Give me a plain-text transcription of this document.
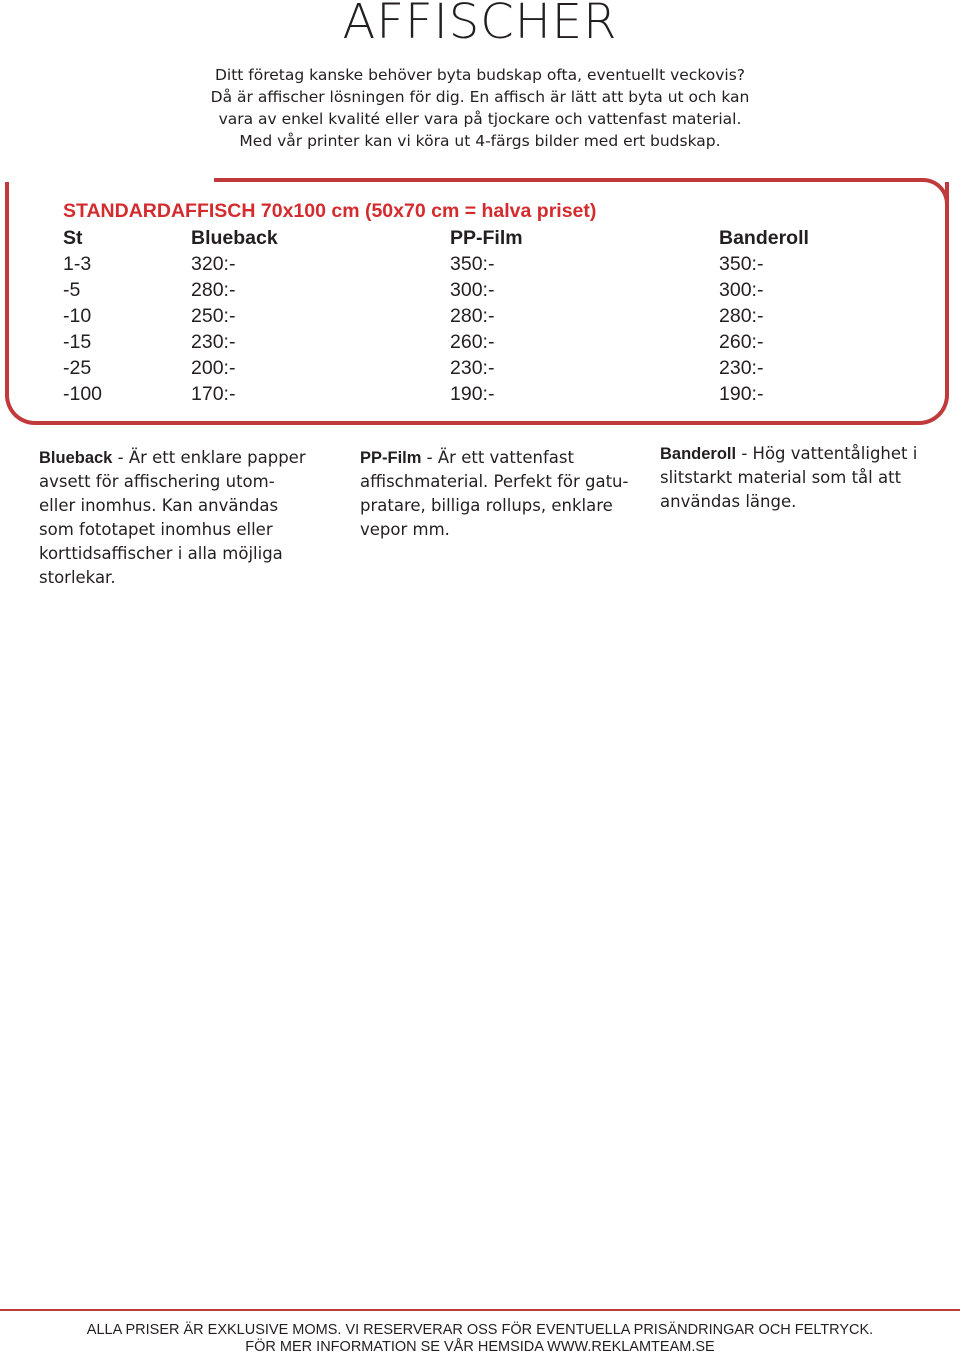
AFFISCHER
Ditt företag kanske behöver byta budskap ofta, eventuellt veckovis?
Då är affischer lösningen för dig. En affisch är lätt att byta ut och kan
vara av enkel kvalité eller vara på tjockare och vattenfast material.
Med vår printer kan vi köra ut 4-färgs bilder med ert budskap.
STANDARDAFFISCH 70x100 cm (50x70 cm = halva priset)
St	Blueback	PP-Film	Banderoll
1-3	320:-	350:-	350:-
-5	280:-	300:-	300:-
-10	250:-	280:-	280:-
-15	230:-	260:-	260:-
-25	200:-	230:-	230:-
-100	170:-	190:-	190:-
Blueback - Är ett enklare papper
avsett för affischering utom-
eller inomhus. Kan användas
som fototapet inomhus eller
korttidsaffischer i alla möjliga
storlekar.
PP-Film - Är ett vattenfast
affischmaterial. Perfekt för gatu-
pratare, billiga rollups, enklare
vepor mm.
Banderoll - Hög vattentålighet i
slitstarkt material som tål att
användas länge.
ALLA PRISER ÄR EXKLUSIVE MOMS. VI RESERVERAR OSS FÖR EVENTUELLA PRISÄNDRINGAR OCH FELTRYCK.
FÖR MER INFORMATION SE VÅR HEMSIDA WWW.REKLAMTEAM.SE
